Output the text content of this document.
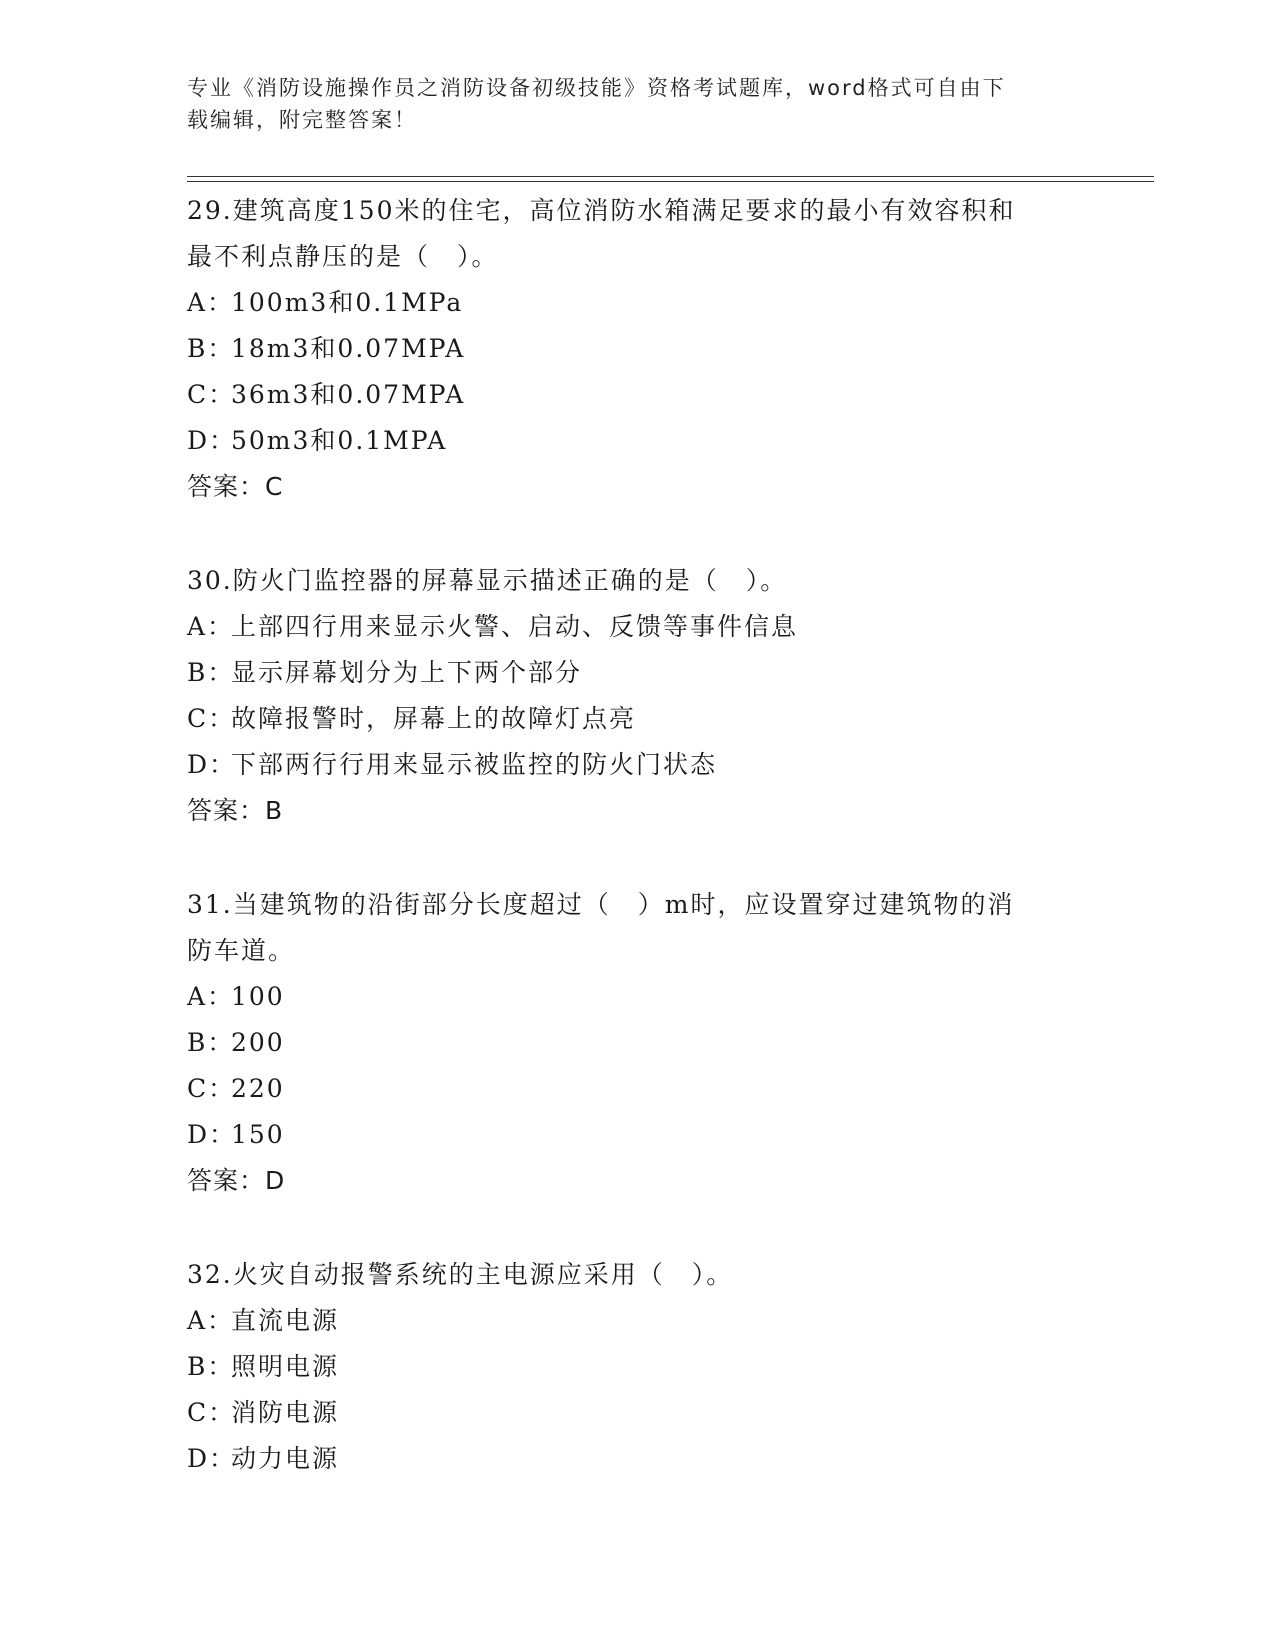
专业《消防设施操作员之消防设备初级技能》资格考试题库，word格式可自由下
载编辑，附完整答案！

29.建筑高度150米的住宅，高位消防水箱满足要求的最小有效容积和

最不利点静压的是（　）。

A：
100m3和0.1MPa

B：
18m3和0.07MPA

C：
36m3和0.07MPA

D：
50m3和0.1MPA

答案：C

30.防火门监控器的屏幕显示描述正确的是（　）。

A：
上部四行用来显示火警、启动、反馈等事件信息

B：
显示屏幕划分为上下两个部分

C：
故障报警时，屏幕上的故障灯点亮

D：
下部两行行用来显示被监控的防火门状态

答案：B

31.当建筑物的沿街部分长度超过（　）m时，应设置穿过建筑物的消

防车道。

A：
100

B：
200

C：
220

D：
150

答案：D

32.火灾自动报警系统的主电源应采用（　）。

A：
直流电源

B：
照明电源

C：
消防电源

D：
动力电源
